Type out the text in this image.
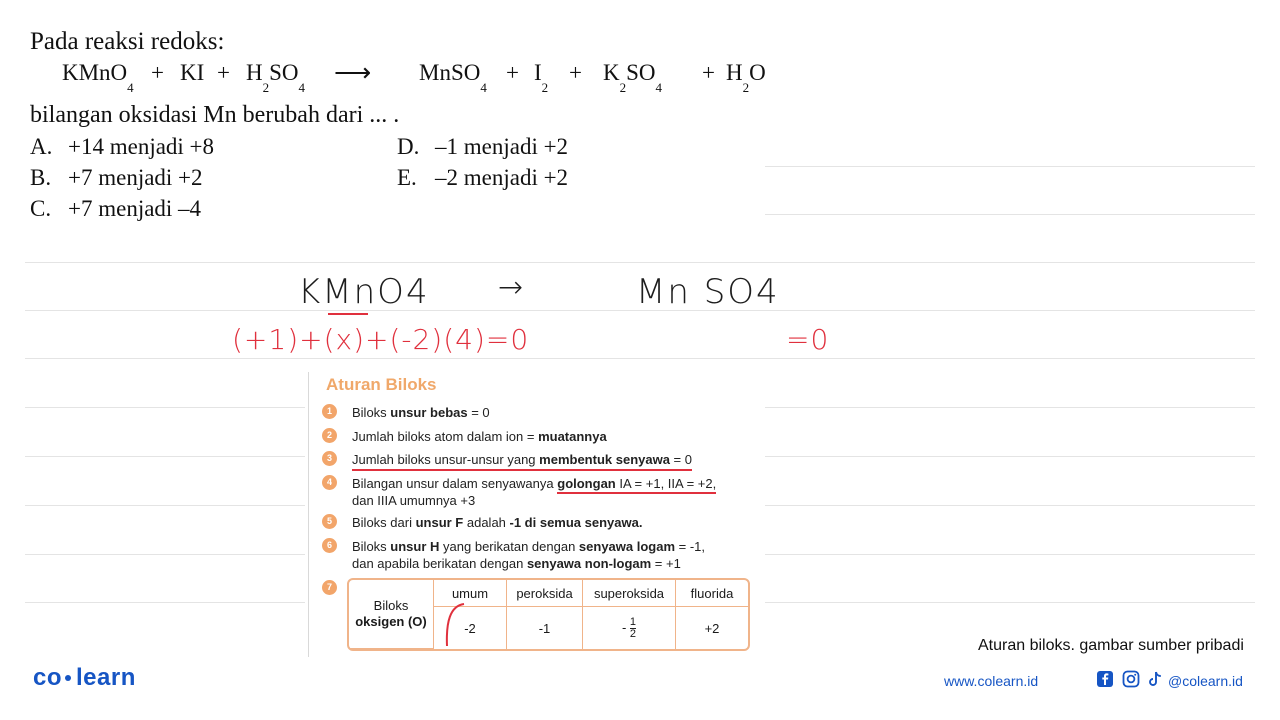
Pada reaksi redoks:
KMnO$_4$
+ KI + $H_2SO_4$
⟶ MnSO$_4$
+ $I_2$
+ $K_2SO_4$
+ $H_2O$
bilangan oksidasi Mn berubah dari ... .
A. +14 menjadi +8
B. +7 menjadi +2
C. +7 menjadi –4
D. –1 menjadi +2
E. –2 menjadi +2
KMnO4 →	Mn SO4
(+1)+(x)+(-2)(4)=0	=0
Aturan Biloks
1	Biloks unsur bebas = 0
2	Jumlah biloks atom dalam ion = muatannya
3	Jumlah biloks unsur-unsur yang membentuk senyawa = 0
4	Bilangan unsur dalam senyawanya golongan IA = +1, IIA = +2,
dan IIIA umumnya +3
5	Biloks dari unsur F adalah -1 di semua senyawa.
6	Biloks unsur H yang berikatan dengan senyawa logam = -1,
dan apabila berikatan dengan senyawa non-logam = +1
7
Biloks
oksigen (O)	umum	peroksida	superoksida	fluorida
	-2	-1	- $\frac{1}{2}$	+2
Aturan biloks. gambar sumber pribadi
co learn	www.colearn.id	@colearn.id
